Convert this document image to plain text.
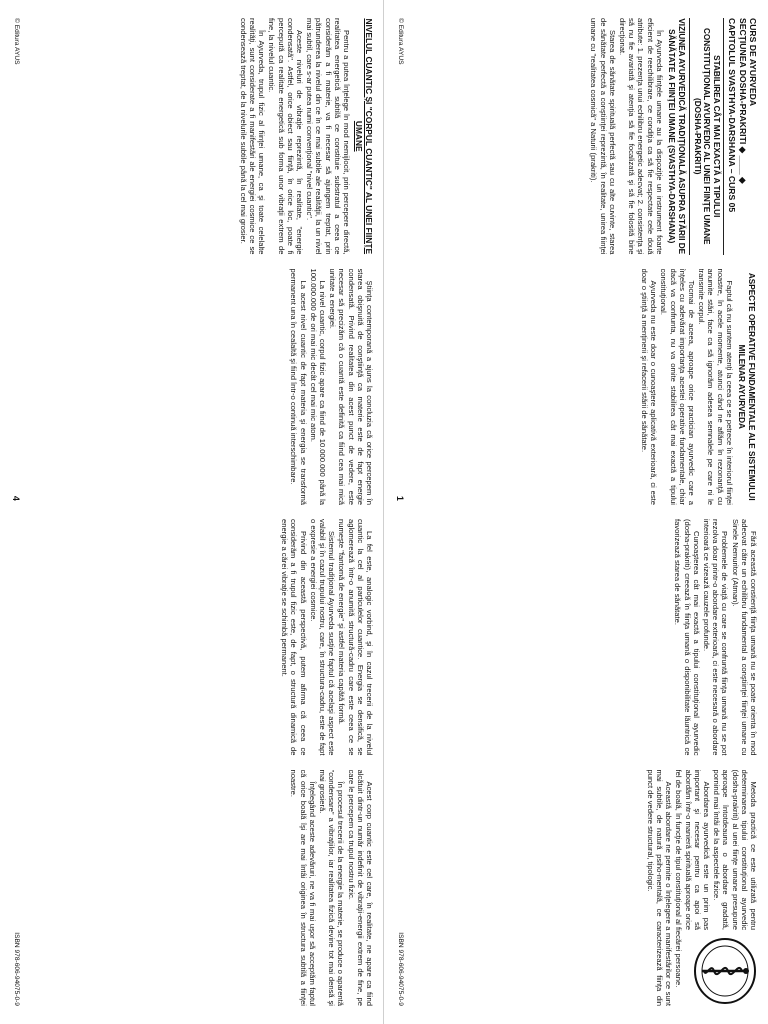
NIVELUL CUANTIC ŞI "CORPUL CUANTIC" AL UNEI FIINŢE UMANE

Pentru a putea înţelege în mod nemijlocit, prin percepere directă, realitatea energetică subtilă ce constituie substratul a ceea ce considerăm a fi materie, va fi necesar să ajungem treptat, prin pătrunderea la nivelul din ce în ce mai subtile ale realităţii, la un nivel mai subtil, care s-ar putea numi convenţional "nivel cuantic".

Aceste niveluri de vibraţie reprezintă, în realitate, "energie condensată". Astfel, orice obiect sau fiinţă, în orice loc, poate fi percepută ca realitate energetică sub forma unor vibraţii extrem de fine, la nivelul cuantic.

În Ayurveda, trupul fizic al fiinţei umane, ca şi toate celelalte realităţi, sunt considerate a fi manifestări ale energiei cosmice ce se condensează treptat, de la nivelurile subtile până la cel mai grosier.

Ştiinţa contemporană a ajuns la concluzia că orice percepem în starea obişnuită de conştiinţă ca materie este de fapt energie condensată. Privind realitatea din acest punct de vedere, este necesar să precizăm că o cuantă este definită ca fiind cea mai mică unitate a energiei.

La nivel cuantic, corpul fizic apare ca fiind de 10.000.000 până la 100.000.000 de ori mai mic decât cel mai mic atom.

La acest nivel cuantic de fapt materia şi energia se transformă permanent una în cealaltă şi fiind într-o continuă interschimbare.

La fel este, analogic vorbind, şi în cazul trecerii de la nivelul cuantic la cel al particulelor cuantice. Energia se densifică, se aglomerează într-o anumită structură-cadru care este ceea ce se numeşte "fantomă de energie" şi astfel materia capătă formă.

Sistemul tradiţional Ayurveda susţine faptul că acelaşi aspect este valabil şi în cazul trupului nostru, care, în structura-cadru, este de fapt o expresie a energiei cosmice.

Privind din această perspectivă, putem afirma că ceea ce considerăm a fi trupul fizic este, de fapt, o structură dinamică de energie a cărei vibraţie se schimbă permanent.

Acest corp cuantic este cel care, în realitate, ne apare ca fiind alcătuit dintr-un număr indefinit de vibraţii-energii extrem de fine, pe care le percepem ca trupul nostru fizic.

În procesul trecerii de la energie la materie, se produce o aparentă "condensare" a vibraţiilor, iar realitatea fizică devine tot mai densă şi mai grosieră.

Înţelegând aceste adevăruri, ne va fi mai uşor să acceptăm faptul că orice boală îşi are mai întâi originea în structura subtilă a fiinţei noastre.

© Editura AYUS
4
ISBN 978-606-94075-0-9
CURS DE AYURVEDA
SECŢIUNEA DOSHA-PRAKRITI ◆ ____ ◆
CAPITOLUL SVASTHYA-DARSHANA – CURS 05
STABILIREA CÂT MAI EXACTĂ A TIPULUI CONSTITUŢIONAL AYURVEDIC AL UNEI FIINŢE UMANE (DOSHA-PRAKRITI)
VIZIUNEA AYURVEDICĂ TRADIŢIONALĂ ASUPRA STĂRII DE SĂNĂTATE A FIINŢEI UMANE (SVASTHYA-DARSHANA)

În Ayurveda fiinţele umane au la dispoziţie un instrument foarte eficient de reechilibrare, ce condiţia ca să fie respectate cele două atribute: 1. prezenţa unui echilibru energetic adecvat; 2. consistenţa şi să nu fie avariată şi atenţia să fie focalizată şi să fie folosită bine direcţionat.

Starea de sănătate spirituală perfectă sau cu alte cuvinte, starea de sănătate perfectă a conştiinţei reprezintă, în realitate, unirea fiinţei umane cu "realitatea cosmică" a Naturii (prakriti).

ASPECTE OPERATIVE FUNDAMENTALE ALE SISTEMULUI MILENAR AYURVEDA

Faptul că nu suntem atenţi la ceea ce se petrece în interiorul fiinţei noastre, în acele momente, atunci când ne aflăm în rezonanţă cu anumite stări, face ca să ignorăm adesea semnalele pe care ni le transmite corpul.

Tocmai de aceea, aproape orice practician ayurvedic care a înţeles cu adevărat importanţa acestei operative fundamentale, chiar dacă va confrunta, nu va omite stabilirea cât mai exactă a tipului constituţional.

Ayurveda nu este doar o cunoaştere aplicativă exterioară, ci este doar o ştiinţă a menţinerii şi refacerii stării de sănătate.

Fără această constienţă fiinţa umană nu se poate orienta în mod adecvat către un echilibru fundamental a conştiinţei fiinţei umane cu Sinele Nemuritor (Atman).

Problemele de viaţă cu care se confruntă fiinţa umană nu se pot rezolva doar printr-o abordare exterioară, ci este necesară o abordare interioară ce vizează cauzele profunde.

Cunoaşterea cât mai exactă a tipului constituţional ayurvedic (dosha-prakriti) creează în fiinţa umană o disponibilitate lăuntrică ce favorizează starea de sănătate.

Metoda practică ce este utilizată pentru determinarea tipului constituţional ayurvedic (dosha-prakriti) al unei fiinţe umane presupune aproape întotdeauna o abordare gradată, pornind mai întâi de la aspectele fizice.

Abordarea ayurvedică este un prim pas important şi necesar pentru ca apoi să abordăm într-o manieră spirituală aproape orice fel de boală, în funcţie de tipul constituţional al fiecărei persoane.

Această abordare ne permite o înţelegere a manifestărilor ce sunt mai subtile, de natură psiho-mentală, ce caracterizează fiinţa din punct de vedere structural, tipologic.

© Editura AYUS
1
ISBN 978-606-94075-0-9
